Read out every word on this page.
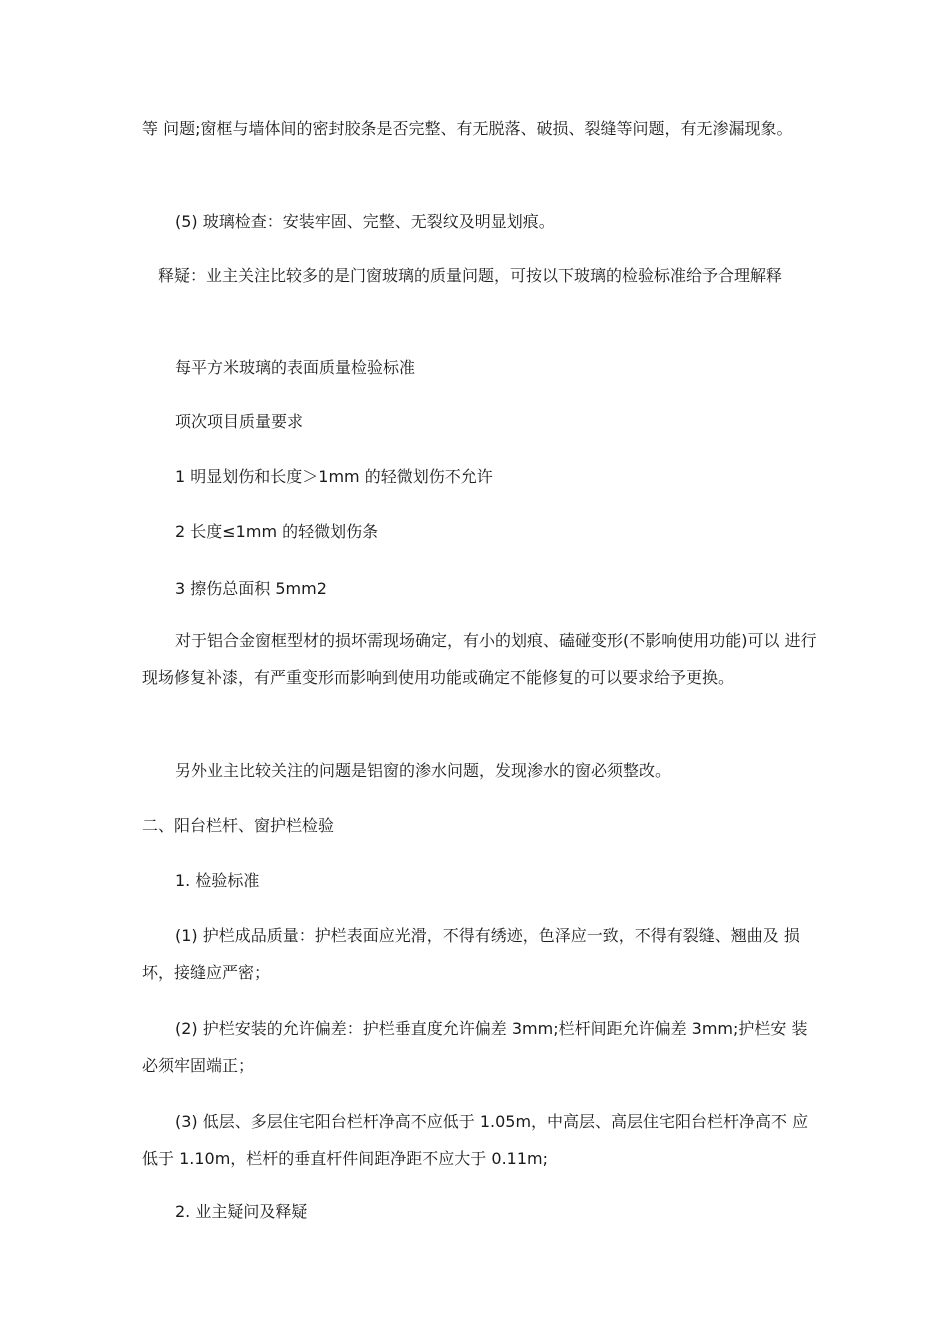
等 问题;窗框与墙体间的密封胶条是否完整、有无脱落、破损、裂缝等问题，有无渗漏现象。

(5) 玻璃检查：安装牢固、完整、无裂纹及明显划痕。

释疑：业主关注比较多的是门窗玻璃的质量问题，可按以下玻璃的检验标准给予合理解释

每平方米玻璃的表面质量检验标准

项次项目质量要求

1 明显划伤和长度＞1mm 的轻微划伤不允许

2 长度≤1mm 的轻微划伤条

3 擦伤总面积 5mm2

对于铝合金窗框型材的损坏需现场确定，有小的划痕、磕碰变形(不影响使用功能)可以 进行现场修复补漆，有严重变形而影响到使用功能或确定不能修复的可以要求给予更换。

另外业主比较关注的问题是铝窗的渗水问题，发现渗水的窗必须整改。

二、阳台栏杆、窗护栏检验

1. 检验标准

(1) 护栏成品质量：护栏表面应光滑，不得有绣迹，色泽应一致，不得有裂缝、翘曲及 损坏，接缝应严密；

(2) 护栏安装的允许偏差：护栏垂直度允许偏差 3mm;栏杆间距允许偏差 3mm;护栏安 装必须牢固端正；

(3) 低层、多层住宅阳台栏杆净高不应低于 1.05m，中高层、高层住宅阳台栏杆净高不 应低于 1.10m，栏杆的垂直杆件间距净距不应大于 0.11m;

2. 业主疑问及释疑
